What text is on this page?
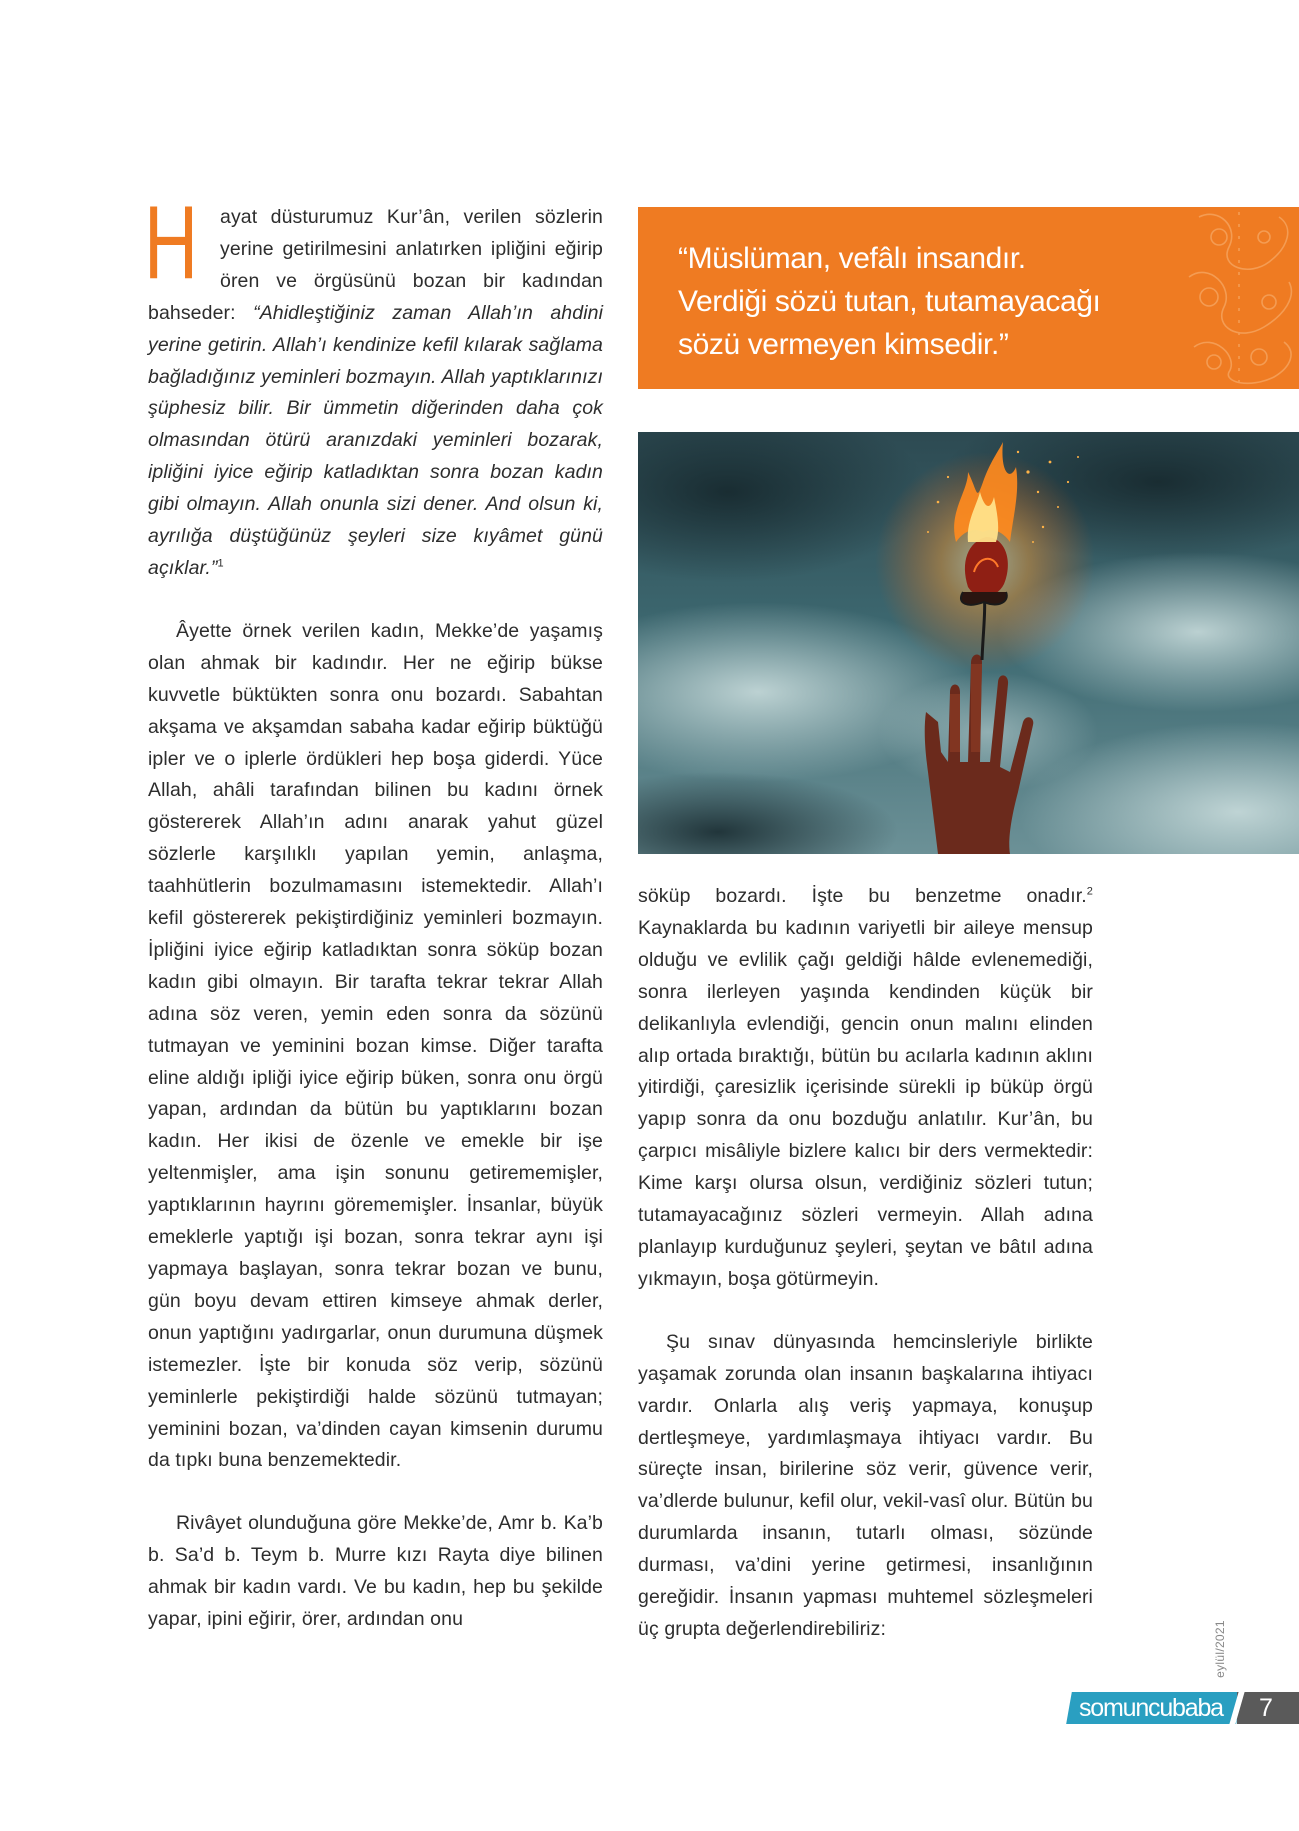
H ayat düsturumuz Kur’ân, verilen sözlerin yerine getirilmesini anlatırken ipliğini eğirip ören ve örgüsünü bozan bir kadından bahseder: “Ahidleştiğiniz zaman Allah’ın ahdini yerine getirin. Allah’ı kendinize kefil kılarak sağlama bağladığınız yeminleri bozmayın. Allah yaptıklarınızı şüphesiz bilir. Bir ümmetin diğerinden daha çok olmasından ötürü aranızdaki yeminleri bozarak, ipliğini iyice eğirip katladıktan sonra bozan kadın gibi olmayın. Allah onunla sizi dener. And olsun ki, ayrılığa düştüğünüz şeyleri size kıyâmet günü açıklar.”$^1$

Âyette örnek verilen kadın, Mekke’de yaşamış olan ahmak bir kadındır. Her ne eğirip bükse kuvvetle büktükten sonra onu bozardı. Sabahtan akşama ve akşamdan sabaha kadar eğirip büktüğü ipler ve o iplerle ördükleri hep boşa giderdi. Yüce Allah, ahâli tarafından bilinen bu kadını örnek göstererek Allah’ın adını anarak yahut güzel sözlerle karşılıklı yapılan yemin, anlaşma, taahhütlerin bozulmamasını istemektedir. Allah’ı kefil göstererek pekiştirdiğiniz yeminleri bozmayın. İpliğini iyice eğirip katladıktan sonra söküp bozan kadın gibi olmayın. Bir tarafta tekrar tekrar Allah adına söz veren, yemin eden sonra da sözünü tutmayan ve yeminini bozan kimse. Diğer tarafta eline aldığı ipliği iyice eğirip büken, sonra onu örgü yapan, ardından da bütün bu yaptıklarını bozan kadın. Her ikisi de özenle ve emekle bir işe yeltenmişler, ama işin sonunu getirememişler, yaptıklarının hayrını görememişler. İnsanlar, büyük emeklerle yaptığı işi bozan, sonra tekrar aynı işi yapmaya başlayan, sonra tekrar bozan ve bunu, gün boyu devam ettiren kimseye ahmak derler, onun yaptığını yadırgarlar, onun durumuna düşmek istemezler. İşte bir konuda söz verip, sözünü yeminlerle pekiştirdiği halde sözünü tutmayan; yeminini bozan, va’dinden cayan kimsenin durumu da tıpkı buna benzemektedir.

Rivâyet olunduğuna göre Mekke’de, Amr b. Ka’b b. Sa’d b. Teym b. Murre kızı Rayta diye bilinen ahmak bir kadın vardı. Ve bu kadın, hep bu şekilde yapar, ipini eğirir, örer, ardından onu

“Müslüman, vefâlı insandır. Verdiği sözü tutan, tutamayacağı sözü vermeyen kimsedir.”

söküp bozardı. İşte bu benzetme onadır.$^2$ Kaynaklarda bu kadının variyetli bir aileye mensup olduğu ve evlilik çağı geldiği hâlde evlenemediği, sonra ilerleyen yaşında kendinden küçük bir delikanlıyla evlendiği, gencin onun malını elinden alıp ortada bıraktığı, bütün bu acılarla kadının aklını yitirdiği, çaresizlik içerisinde sürekli ip büküp örgü yapıp sonra da onu bozduğu anlatılır. Kur’ân, bu çarpıcı misâliyle bizlere kalıcı bir ders vermektedir: Kime karşı olursa olsun, verdiğiniz sözleri tutun; tutamayacağınız sözleri vermeyin. Allah adına planlayıp kurduğunuz şeyleri, şeytan ve bâtıl adına yıkmayın, boşa götürmeyin.

Şu sınav dünyasında hemcinsleriyle birlikte yaşamak zorunda olan insanın başkalarına ihtiyacı vardır. Onlarla alış veriş yapmaya, konuşup dertleşmeye, yardımlaşmaya ihtiyacı vardır. Bu süreçte insan, birilerine söz verir, güvence verir, va’dlerde bulunur, kefil olur, vekil-vasî olur. Bütün bu durumlarda insanın, tutarlı olması, sözünde durması, va’dini yerine getirmesi, insanlığının gereğidir. İnsanın yapması muhtemel sözleşmeleri üç grupta değerlendirebiliriz:	eylül/2021
somuncubaba	7
